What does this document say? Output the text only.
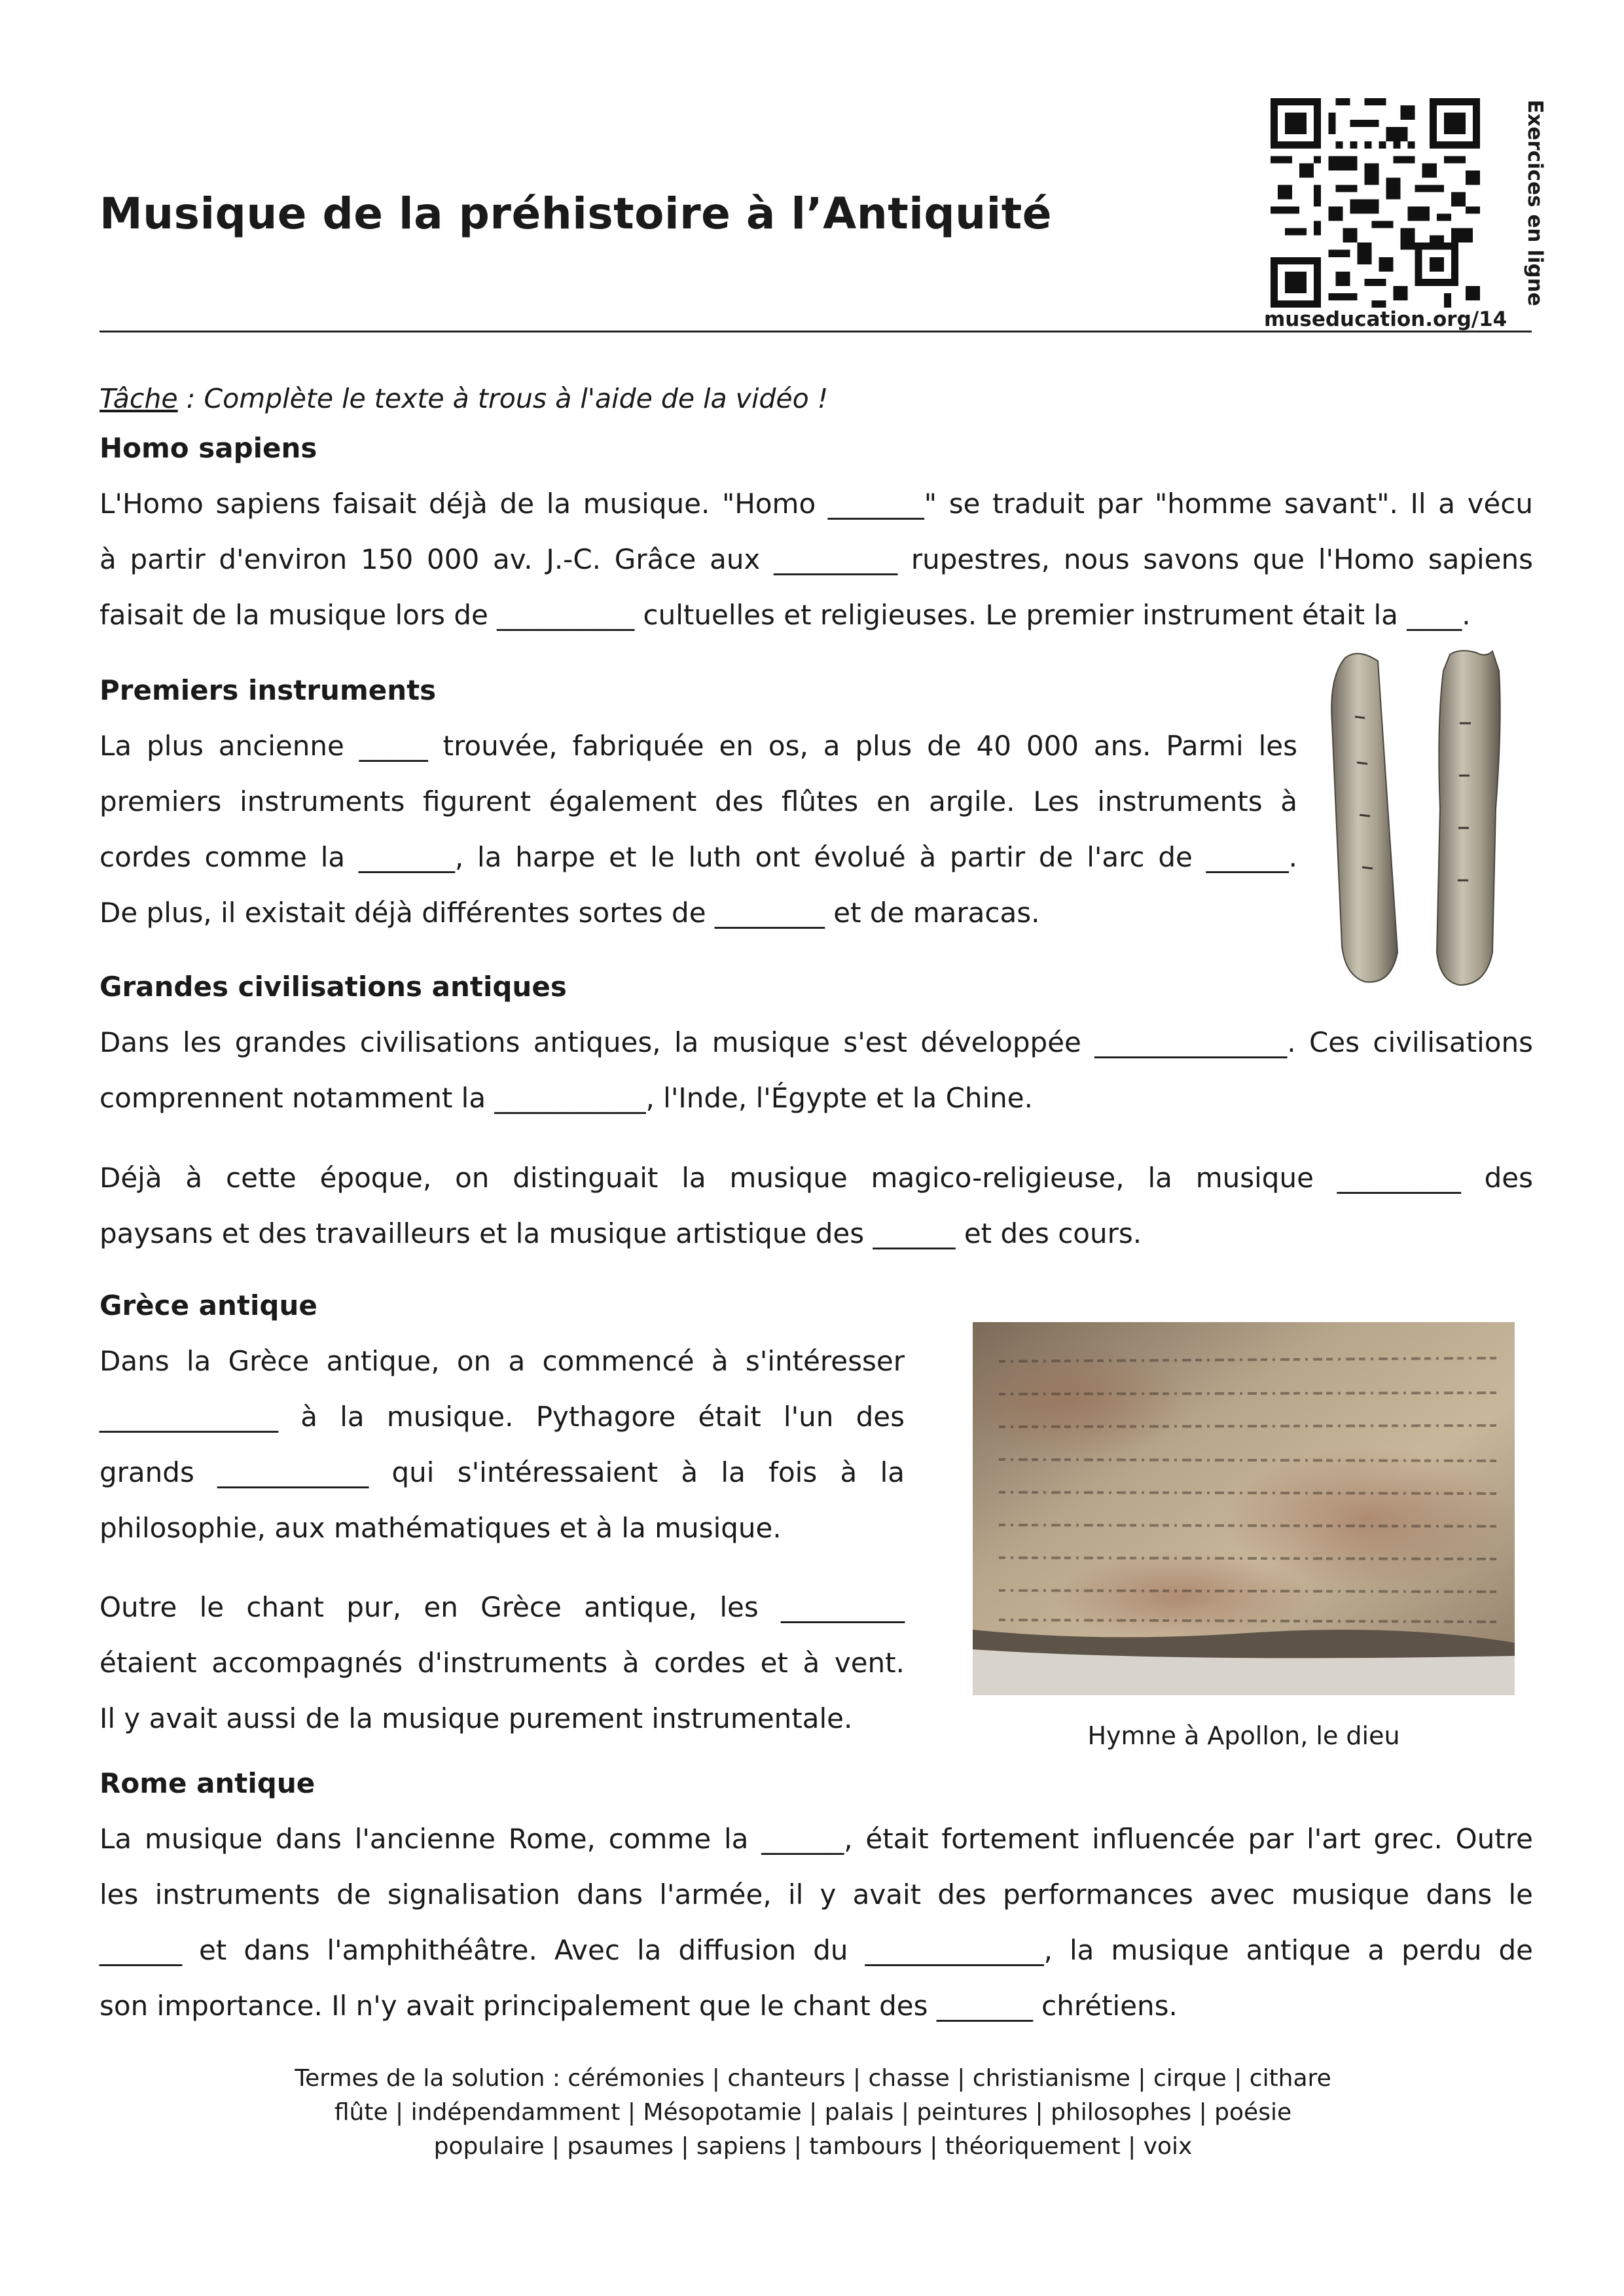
Musique de la préhistoire à l’Antiquité
museducation.org/14
Exercices en ligne
Tâche : Complète le texte à trous à l'aide de la vidéo !
Homo sapiens

L'Homo sapiens faisait déjà de la musique. "Homo _______" se traduit par "homme savant". Il a vécu
à partir d'environ 150 000 av. J.-C. Grâce aux _________ rupestres, nous savons que l'Homo sapiens
faisait de la musique lors de __________ cultuelles et religieuses. Le premier instrument était la ____.

Premiers instruments

La plus ancienne _____ trouvée, fabriquée en os, a plus de 40 000 ans. Parmi les
premiers instruments figurent également des flûtes en argile. Les instruments à
cordes comme la _______, la harpe et le luth ont évolué à partir de l'arc de ______.
De plus, il existait déjà différentes sortes de ________ et de maracas.

Grandes civilisations antiques

Dans les grandes civilisations antiques, la musique s'est développée ______________. Ces civilisations
comprennent notamment la ___________, l'Inde, l'Égypte et la Chine.

Déjà à cette époque, on distinguait la musique magico-religieuse, la musique _________ des
paysans et des travailleurs et la musique artistique des ______ et des cours.

Grèce antique

Dans la Grèce antique, on a commencé à s'intéresser
_____________ à la musique. Pythagore était l'un des
grands ___________ qui s'intéressaient à la fois à la
philosophie, aux mathématiques et à la musique.

Outre le chant pur, en Grèce antique, les _________
étaient accompagnés d'instruments à cordes et à vent.
Il y avait aussi de la musique purement instrumentale.

Hymne à Apollon, le dieu
Rome antique

La musique dans l'ancienne Rome, comme la ______, était fortement influencée par l'art grec. Outre
les instruments de signalisation dans l'armée, il y avait des performances avec musique dans le
______ et dans l'amphithéâtre. Avec la diffusion du _____________, la musique antique a perdu de
son importance. Il n'y avait principalement que le chant des _______ chrétiens.

Termes de la solution : cérémonies | chanteurs | chasse | christianisme | cirque | cithare
flûte | indépendamment | Mésopotamie | palais | peintures | philosophes | poésie
populaire | psaumes | sapiens | tambours | théoriquement | voix
